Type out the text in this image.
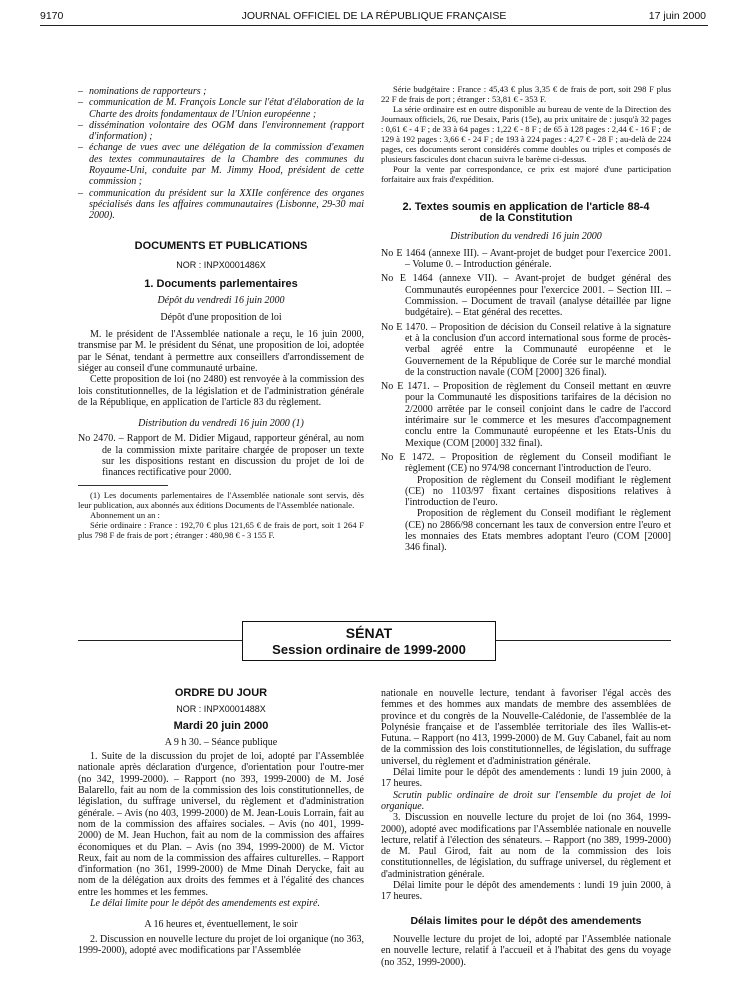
9170	JOURNAL OFFICIEL DE LA RÉPUBLIQUE FRANÇAISE	17 juin 2000
– nominations de rapporteurs ;
– communication de M. François Loncle sur l'état d'élaboration de la Charte des droits fondamentaux de l'Union européenne ;
– dissémination volontaire des OGM dans l'environnement (rapport d'information) ;
– échange de vues avec une délégation de la commission d'examen des textes communautaires de la Chambre des communes du Royaume-Uni, conduite par M. Jimmy Hood, président de cette commission ;
– communication du président sur la XXIIe conférence des organes spécialisés dans les affaires communautaires (Lisbonne, 29-30 mai 2000).
DOCUMENTS ET PUBLICATIONS
NOR : INPX0001486X
1. Documents parlementaires

Dépôt du vendredi 16 juin 2000

Dépôt d'une proposition de loi

M. le président de l'Assemblée nationale a reçu, le 16 juin 2000, transmise par M. le président du Sénat, une proposition de loi, adoptée par le Sénat, tendant à permettre aux conseillers d'arrondissement de siéger au conseil d'une communauté urbaine.

Cette proposition de loi (no 2480) est renvoyée à la commission des lois constitutionnelles, de la législation et de l'administration générale de la République, en application de l'article 83 du règlement.

Distribution du vendredi 16 juin 2000 (1)

No 2470. – Rapport de M. Didier Migaud, rapporteur général, au nom de la commission mixte paritaire chargée de proposer un texte sur les dispositions restant en discussion du projet de loi de finances rectificative pour 2000.

(1) Les documents parlementaires de l'Assemblée nationale sont servis, dès leur publication, aux abonnés aux éditions Documents de l'Assemblée nationale.

Abonnement un an :

Série ordinaire : France : 192,70 € plus 121,65 € de frais de port, soit 1 264 F plus 798 F de frais de port ; étranger : 480,98 € - 3 155 F.

Série budgétaire : France : 45,43 € plus 3,35 € de frais de port, soit 298 F plus 22 F de frais de port ; étranger : 53,81 € - 353 F.

La série ordinaire est en outre disponible au bureau de vente de la Direction des Journaux officiels, 26, rue Desaix, Paris (15e), au prix unitaire de : jusqu'à 32 pages : 0,61 € - 4 F ; de 33 à 64 pages : 1,22 € - 8 F ; de 65 à 128 pages : 2,44 € - 16 F ; de 129 à 192 pages : 3,66 € - 24 F ; de 193 à 224 pages : 4,27 € - 28 F ; au-delà de 224 pages, ces documents seront considérés comme doubles ou triples et composés de plusieurs fascicules dont chacun suivra le barème ci-dessus.

Pour la vente par correspondance, ce prix est majoré d'une participation forfaitaire aux frais d'expédition.

2. Textes soumis en application de l'article 88-4
de la Constitution

Distribution du vendredi 16 juin 2000

No E 1464 (annexe III). – Avant-projet de budget pour l'exercice 2001. – Volume 0. – Introduction générale.

No E 1464 (annexe VII). – Avant-projet de budget général des Communautés européennes pour l'exercice 2001. – Section III. – Commission. – Document de travail (analyse détaillée par ligne budgétaire). – Etat général des recettes.

No E 1470. – Proposition de décision du Conseil relative à la signature et à la conclusion d'un accord international sous forme de procès-verbal agréé entre la Communauté européenne et le Gouvernement de la République de Corée sur le marché mondial de la construction navale (COM [2000] 326 final).

No E 1471. – Proposition de règlement du Conseil mettant en œuvre pour la Communauté les dispositions tarifaires de la décision no 2/2000 arrêtée par le conseil conjoint dans le cadre de l'accord intérimaire sur le commerce et les mesures d'accompagnement conclu entre la Communauté européenne et les Etats-Unis du Mexique (COM [2000] 332 final).

No E 1472. – Proposition de règlement du Conseil modifiant le règlement (CE) no 974/98 concernant l'introduction de l'euro.

Proposition de règlement du Conseil modifiant le règlement (CE) no 1103/97 fixant certaines dispositions relatives à l'introduction de l'euro.

Proposition de règlement du Conseil modifiant le règlement (CE) no 2866/98 concernant les taux de conversion entre l'euro et les monnaies des Etats membres adoptant l'euro (COM [2000] 346 final).

SÉNAT
Session ordinaire de 1999-2000
ORDRE DU JOUR
NOR : INPX0001488X
Mardi 20 juin 2000

A 9 h 30. – Séance publique

1. Suite de la discussion du projet de loi, adopté par l'Assemblée nationale après déclaration d'urgence, d'orientation pour l'outre-mer (no 342, 1999-2000). – Rapport (no 393, 1999-2000) de M. José Balarello, fait au nom de la commission des lois constitutionnelles, de législation, du suffrage universel, du règlement et d'administration générale. – Avis (no 403, 1999-2000) de M. Jean-Louis Lorrain, fait au nom de la commission des affaires sociales. – Avis (no 401, 1999-2000) de M. Jean Huchon, fait au nom de la commission des affaires économiques et du Plan. – Avis (no 394, 1999-2000) de M. Victor Reux, fait au nom de la commission des affaires culturelles. – Rapport d'information (no 361, 1999-2000) de Mme Dinah Derycke, fait au nom de la délégation aux droits des femmes et à l'égalité des chances entre les hommes et les femmes.

Le délai limite pour le dépôt des amendements est expiré.

A 16 heures et, éventuellement, le soir

2. Discussion en nouvelle lecture du projet de loi organique (no 363, 1999-2000), adopté avec modifications par l'Assemblée

nationale en nouvelle lecture, tendant à favoriser l'égal accès des femmes et des hommes aux mandats de membre des assemblées de province et du congrès de la Nouvelle-Calédonie, de l'assemblée de la Polynésie française et de l'assemblée territoriale des îles Wallis-et-Futuna. – Rapport (no 413, 1999-2000) de M. Guy Cabanel, fait au nom de la commission des lois constitutionnelles, de législation, du suffrage universel, du règlement et d'administration générale.

Délai limite pour le dépôt des amendements : lundi 19 juin 2000, à 17 heures.

Scrutin public ordinaire de droit sur l'ensemble du projet de loi organique.

3. Discussion en nouvelle lecture du projet de loi (no 364, 1999-2000), adopté avec modifications par l'Assemblée nationale en nouvelle lecture, relatif à l'élection des sénateurs. – Rapport (no 389, 1999-2000) de M. Paul Girod, fait au nom de la commission des lois constitutionnelles, de législation, du suffrage universel, du règlement et d'administration générale.

Délai limite pour le dépôt des amendements : lundi 19 juin 2000, à 17 heures.

Délais limites pour le dépôt des amendements

Nouvelle lecture du projet de loi, adopté par l'Assemblée nationale en nouvelle lecture, relatif à l'accueil et à l'habitat des gens du voyage (no 352, 1999-2000).
